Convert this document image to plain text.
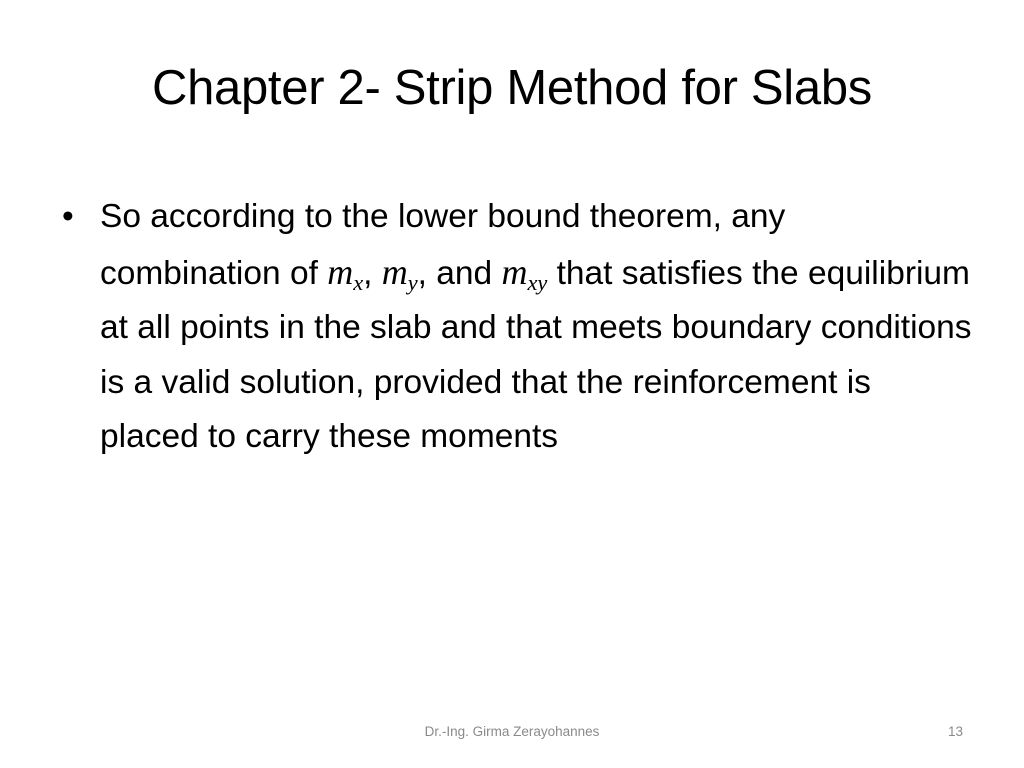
Chapter 2- Strip Method for Slabs
• So according to the lower bound theorem, any combination of $m_x$, $m_y$, and $m_{xy}$ that satisfies the equilibrium at all points in the slab and that meets boundary conditions is a valid solution, provided that the reinforcement is placed to carry these moments
Dr.-Ing. Girma Zerayohannes	13
